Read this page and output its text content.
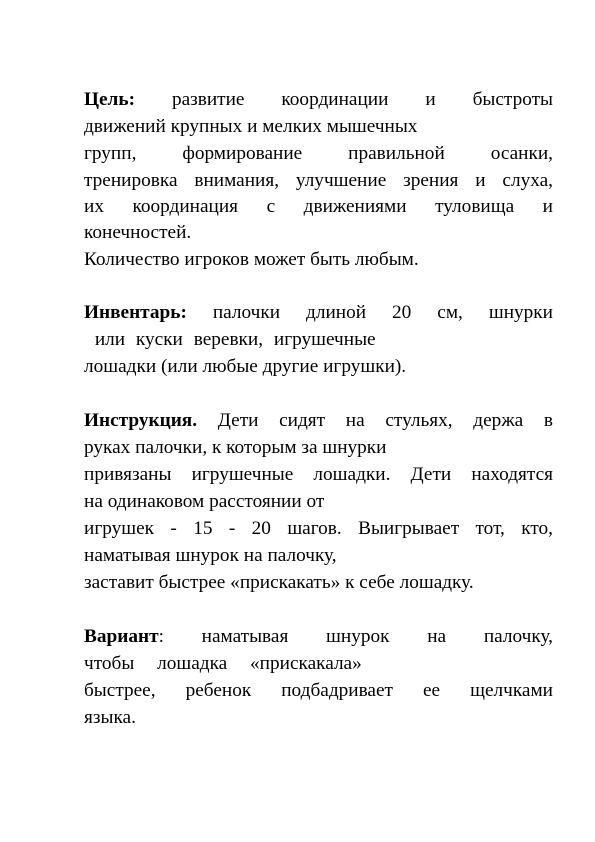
Цель: развитие координации и быстроты
движений крупных и мелких мышечных
групп, формирование правильной осанки,
тренировка внимания, улучшение зрения и слуха,
их координация с движениями туловища и
конечностей.
Количество игроков может быть любым.
Инвентарь: палочки длиной 20 см, шнурки
или куски веревки, игрушечные
лошадки (или любые другие игрушки).
Инструкция. Дети сидят на стульях, держа в
руках палочки, к которым за шнурки
привязаны игрушечные лошадки. Дети находятся
на одинаковом расстоянии от
игрушек - 15 - 20 шагов. Выигрывает тот, кто,
наматывая шнурок на палочку,
заставит быстрее «прискакать» к себе лошадку.
Вариант: наматывая шнурок на палочку,
чтобы лошадка «прискакала»
быстрее, ребенок подбадривает ее щелчками
языка.
